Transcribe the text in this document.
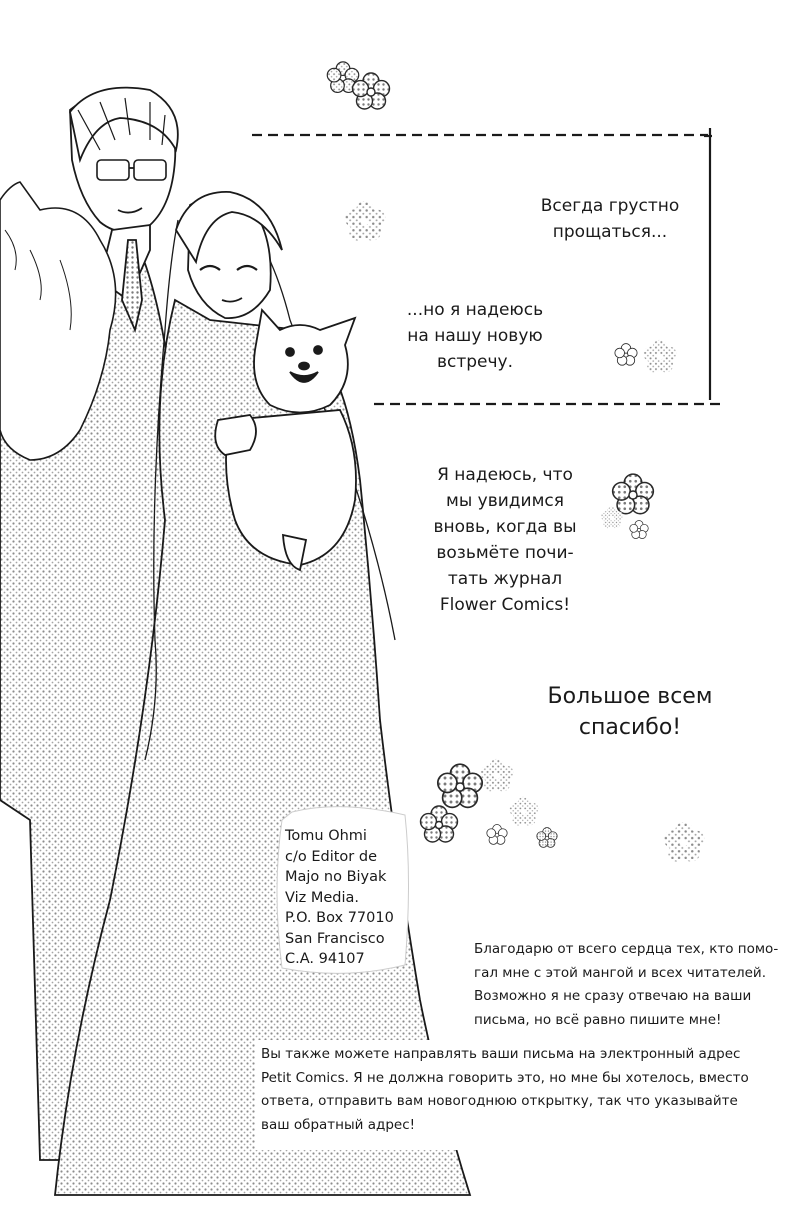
Всегда грустно
прощаться...
...но я надеюсь
на нашу новую
встречу.
Я надеюсь, что
мы увидимся
вновь, когда вы
возьмёте почи-
тать журнал
Flower Comics!
Большое всем
спасибо!
Tomu Ohmi
c/o Editor de
Majo no Biyak
Viz Media.
P.O. Box 77010
San Francisco
C.A. 94107
Благодарю от всего сердца тех, кто помо-
гал мне с этой мангой и всех читателей.
Возможно я не сразу отвечаю на ваши
письма, но всё равно пишите мне!
Вы также можете направлять ваши письма на электронный адрес
Petit Comics. Я не должна говорить это, но мне бы хотелось, вместо
ответа, отправить вам новогоднюю открытку, так что указывайте
ваш обратный адрес!
